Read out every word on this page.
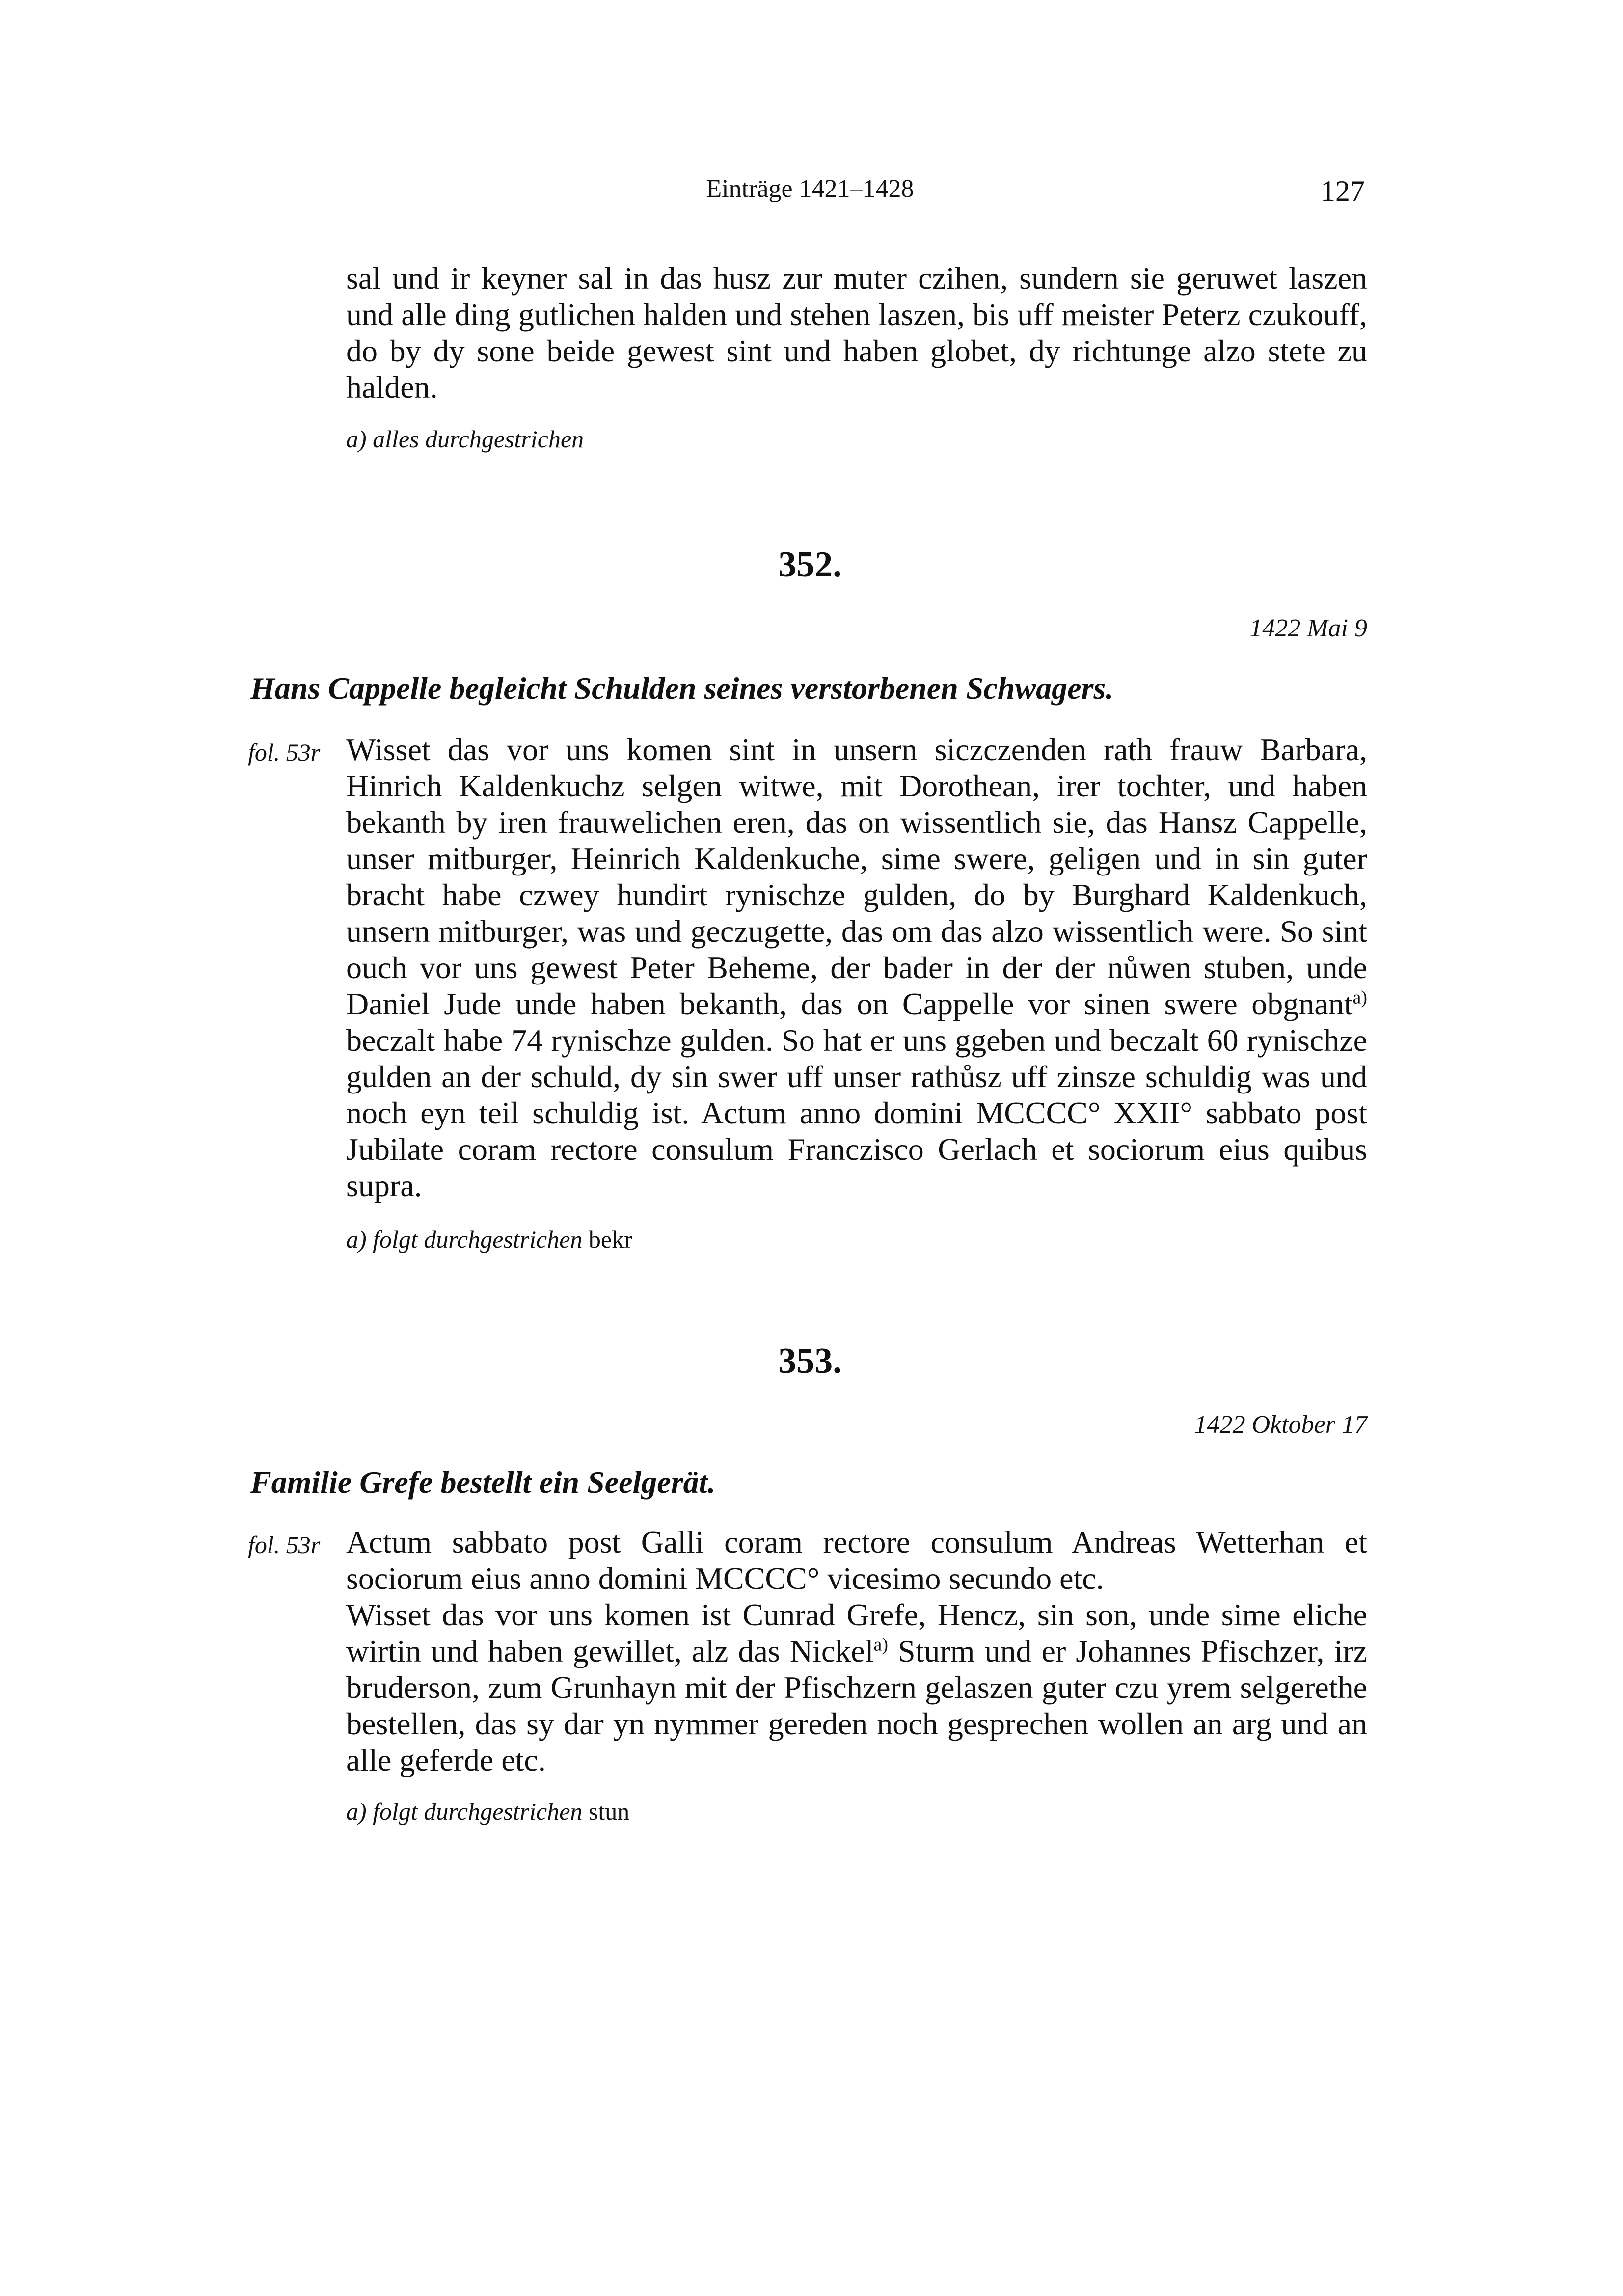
Einträge 1421–1428	127

sal und ir keyner sal in das husz zur muter czihen, sundern sie geruwet laszen und alle ding gutlichen halden und stehen laszen, bis uff meister Peterz czukouff, do by dy sone beide gewest sint und haben globet, dy richtunge alzo stete zu halden.

a) alles durchgestrichen
352.
1422 Mai 9
Hans Cappelle begleicht Schulden seines verstorbenen Schwagers.
fol. 53r Wisset das vor uns komen sint in unsern siczczenden rath frauw Barbara, Hinrich Kaldenkuchz selgen witwe, mit Dorothean, irer tochter, und haben bekanth by iren frauwelichen eren, das on wissentlich sie, das Hansz Cappelle, unser mitburger, Heinrich Kaldenkuche, sime swere, geligen und in sin guter bracht habe czwey hundirt rynischze gulden, do by Burghard Kaldenkuch, unsern mitburger, was und geczugette, das om das alzo wissentlich were. So sint ouch vor uns gewest Peter Beheme, der bader in der der nůwen stuben, unde Daniel Jude unde haben bekanth, das on Cappelle vor sinen swere obgnant$^{a)}$ beczalt habe 74 rynischze gulden. So hat er uns ggeben und beczalt 60 rynischze gulden an der schuld, dy sin swer uff unser rathůsz uff zinsze schuldig was und noch eyn teil schuldig ist. Actum anno domini MCCCC° XXII° sabbato post Jubilate coram rectore consulum Franczisco Gerlach et sociorum eius quibus supra.

a) folgt durchgestrichen bekr
353.
1422 Oktober 17
Familie Grefe bestellt ein Seelgerät.
fol. 53r Actum sabbato post Galli coram rectore consulum Andreas Wetterhan et sociorum eius anno domini MCCCC° vicesimo secundo etc.

Wisset das vor uns komen ist Cunrad Grefe, Hencz, sin son, unde sime eliche wirtin und haben gewillet, alz das Nickel$^{a)}$ Sturm und er Johannes Pfischzer, irz bruderson, zum Grunhayn mit der Pfischzern gelaszen guter czu yrem selgerethe bestellen, das sy dar yn nymmer gereden noch gesprechen wollen an arg und an alle geferde etc.

a) folgt durchgestrichen stun
